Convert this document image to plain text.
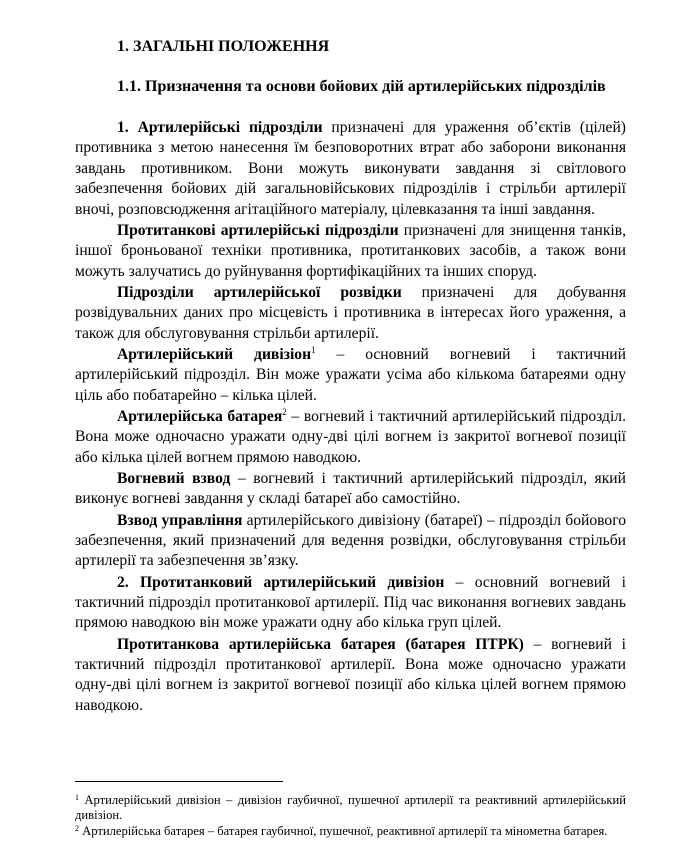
1. ЗАГАЛЬНІ ПОЛОЖЕННЯ
1.1. Призначення та основи бойових дій артилерійських підрозділів

1. Артилерійські підрозділи призначені для ураження об’єктів (цілей) противника з метою нанесення їм безповоротних втрат або заборони виконання завдань противником. Вони можуть виконувати завдання зі світлового забезпечення бойових дій загальновійськових підрозділів і стрільби артилерії вночі, розповсюдження агітаційного матеріалу, цілевказання та інші завдання.

Протитанкові артилерійські підрозділи призначені для знищення танків, іншої броньованої техніки противника, протитанкових засобів, а також вони можуть залучатись до руйнування фортифікаційних та інших споруд.

Підрозділи артилерійської розвідки призначені для добування розвідувальних даних про місцевість і противника в інтересах його ураження, а також для обслуговування стрільби артилерії.

Артилерійський дивізіон$^1$ – основний вогневий і тактичний артилерійський підрозділ. Він може уражати усіма або кількома батареями одну ціль або побатарейно – кілька цілей.

Артилерійська батарея$^2$ – вогневий і тактичний артилерійський підрозділ. Вона може одночасно уражати одну-дві цілі вогнем із закритої вогневої позиції або кілька цілей вогнем прямою наводкою.

Вогневий взвод – вогневий і тактичний артилерійський підрозділ, який виконує вогневі завдання у складі батареї або самостійно.

Взвод управління артилерійського дивізіону (батареї) – підрозділ бойового забезпечення, який призначений для ведення розвідки, обслуговування стрільби артилерії та забезпечення зв’язку.

2. Протитанковий артилерійський дивізіон – основний вогневий і тактичний підрозділ протитанкової артилерії. Під час виконання вогневих завдань прямою наводкою він може уражати одну або кілька груп цілей.

Протитанкова артилерійська батарея (батарея ПТРК) – вогневий і тактичний підрозділ протитанкової артилерії. Вона може одночасно уражати одну-дві цілі вогнем із закритої вогневої позиції або кілька цілей вогнем прямою наводкою.

$^1$ Артилерійський дивізіон – дивізіон гаубичної, пушечної артилерії та реактивний артилерійський дивізіон.

$^2$ Артилерійська батарея – батарея гаубичної, пушечної, реактивної артилерії та мінометна батарея.
